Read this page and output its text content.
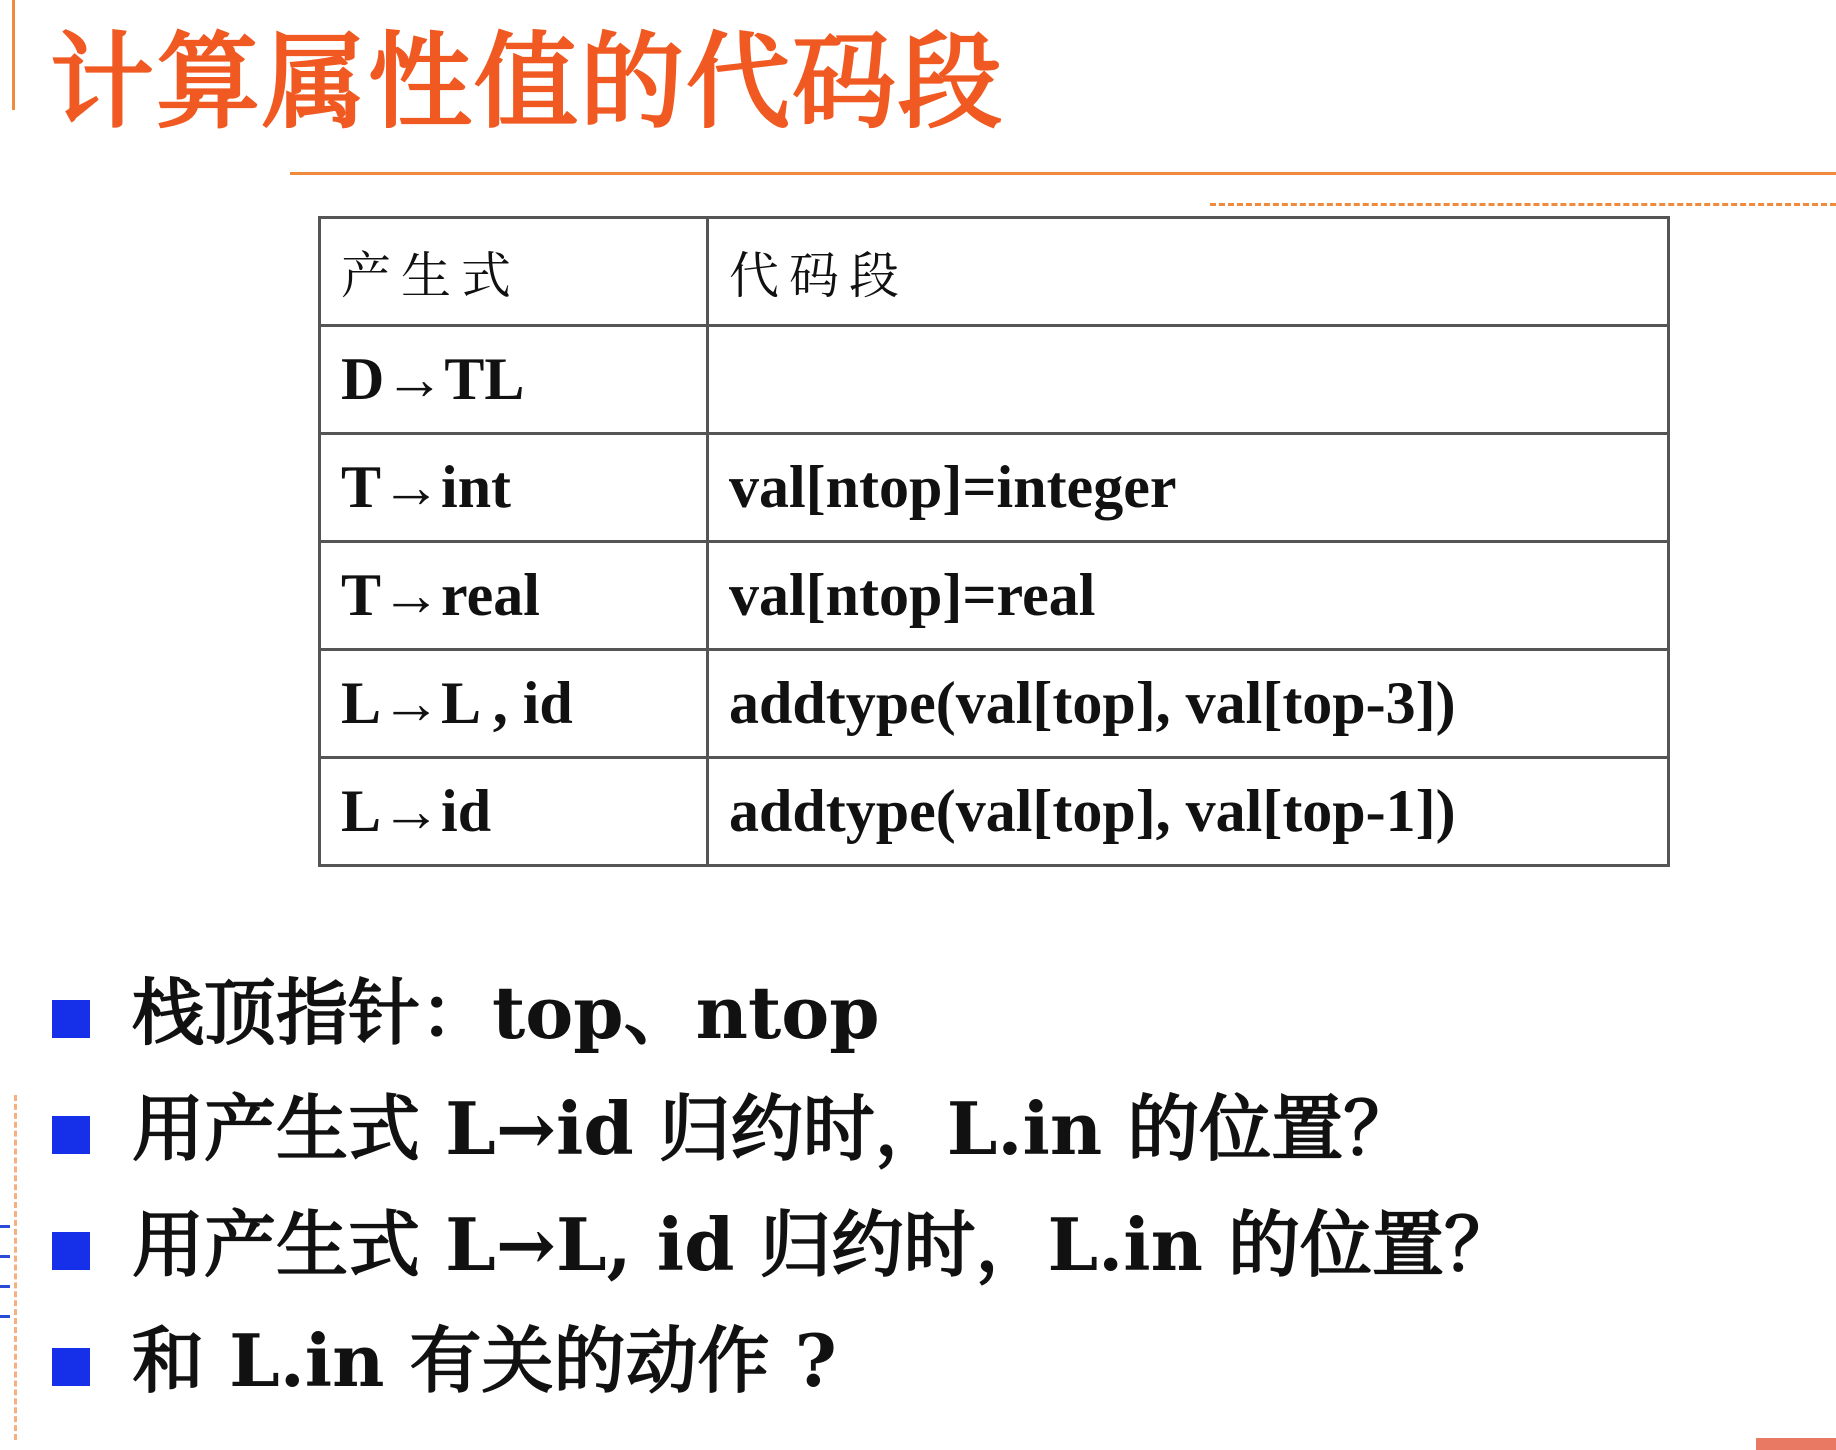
计算属性值的代码段
产生式	代码段
D→TL	
T→int	val[ntop]=integer
T→real	val[ntop]=real
L→L , id	addtype(val[top], val[top-3])
L→id	addtype(val[top], val[top-1])
栈顶指针：top、ntop
用产生式 L→id 归约时，L.in 的位置？
用产生式 L→L, id 归约时，L.in 的位置？
和 L.in 有关的动作 ?
